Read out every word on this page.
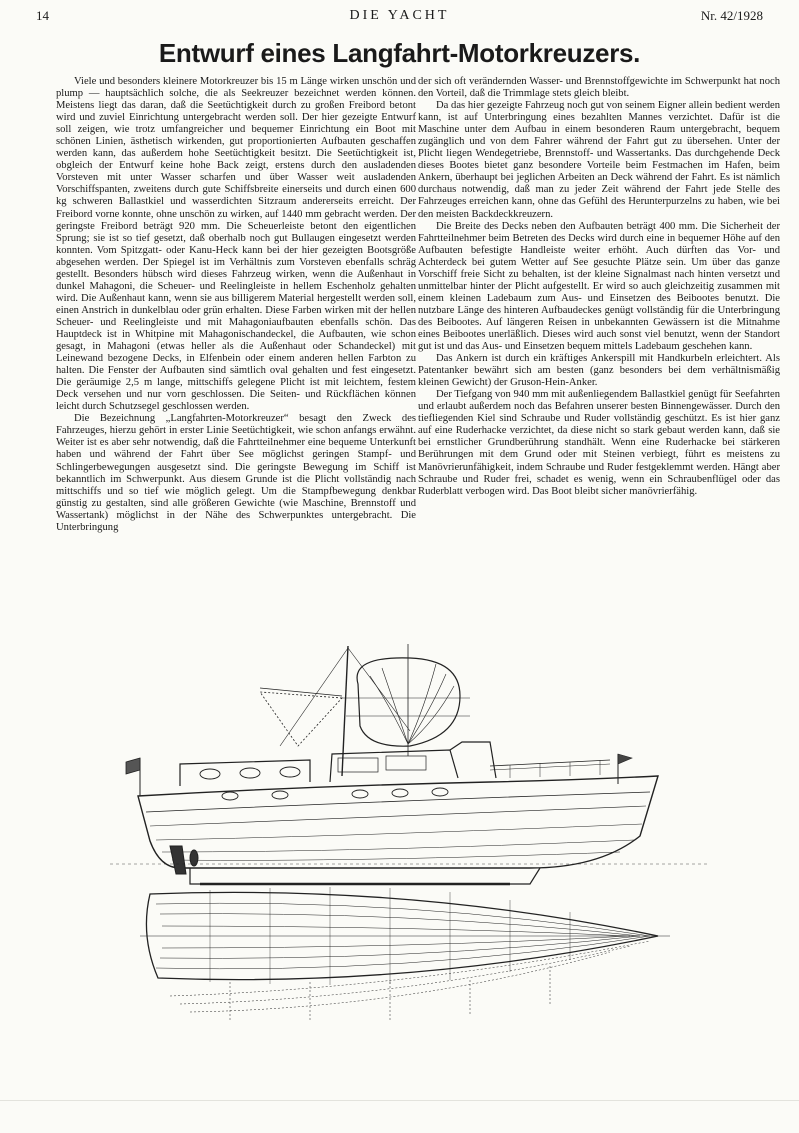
14	DIE YACHT	Nr. 42/1928
Entwurf eines Langfahrt-Motorkreuzers.

Viele und besonders kleinere Motorkreuzer bis 15 m Länge wirken unschön und plump — hauptsächlich solche, die als Seekreuzer bezeichnet werden können. Meistens liegt das daran, daß die Seetüchtigkeit durch zu großen Freibord betont wird und zuviel Einrichtung untergebracht werden soll. Der hier gezeigte Entwurf soll zeigen, wie trotz umfangreicher und bequemer Einrichtung ein Boot mit schönen Linien, ästhetisch wirkenden, gut proportionierten Aufbauten geschaffen werden kann, das außerdem hohe Seetüchtigkeit besitzt. Die Seetüchtigkeit ist, obgleich der Entwurf keine hohe Back zeigt, erstens durch den ausladenden Vorsteven mit unter Wasser scharfen und über Wasser weit ausladenden Vorschiffspanten, zweitens durch gute Schiffsbreite einerseits und durch einen 600 kg schweren Ballastkiel und wasserdichten Sitzraum andererseits erreicht. Der Freibord vorne konnte, ohne unschön zu wirken, auf 1440 mm gebracht werden. Der geringste Freibord beträgt 920 mm. Die Scheuerleiste betont den eigentlichen Sprung; sie ist so tief gesetzt, daß oberhalb noch gut Bullaugen eingesetzt werden konnten. Vom Spitzgatt- oder Kanu-Heck kann bei der hier gezeigten Bootsgröße abgesehen werden. Der Spiegel ist im Verhältnis zum Vorsteven ebenfalls schräg gestellt. Besonders hübsch wird dieses Fahrzeug wirken, wenn die Außenhaut in dunkel Mahagoni, die Scheuer- und Reelingleiste in hellem Eschenholz gehalten wird. Die Außenhaut kann, wenn sie aus billigerem Material hergestellt werden soll, einen Anstrich in dunkelblau oder grün erhalten. Diese Farben wirken mit der hellen Scheuer- und Reelingleiste und mit Mahagoniaufbauten ebenfalls schön. Das Hauptdeck ist in Whitpine mit Mahagonischandeckel, die Aufbauten, wie schon gesagt, in Mahagoni (etwas heller als die Außenhaut oder Schandeckel) mit Leinewand bezogene Decks, in Elfenbein oder einem anderen hellen Farbton zu halten. Die Fenster der Aufbauten sind sämtlich oval gehalten und fest eingesetzt. Die geräumige 2,5 m lange, mittschiffs gelegene Plicht ist mit leichtem, festem Deck versehen und nur vorn geschlossen. Die Seiten- und Rückflächen können leicht durch Schutzsegel geschlossen werden.

Die Bezeichnung „Langfahrten-Motorkreuzer“ besagt den Zweck des Fahrzeuges, hierzu gehört in erster Linie Seetüchtigkeit, wie schon anfangs erwähnt. Weiter ist es aber sehr notwendig, daß die Fahrtteilnehmer eine bequeme Unterkunft haben und während der Fahrt über See möglichst geringen Stampf- und Schlingerbewegungen ausgesetzt sind. Die geringste Bewegung im Schiff ist bekanntlich im Schwerpunkt. Aus diesem Grunde ist die Plicht vollständig nach mittschiffs und so tief wie möglich gelegt. Um die Stampfbewegung denkbar günstig zu gestalten, sind alle größeren Gewichte (wie Maschine, Brennstoff und Wassertank) möglichst in der Nähe des Schwerpunktes untergebracht. Die Unterbringung

der sich oft verändernden Wasser- und Brennstoffgewichte im Schwerpunkt hat noch den Vorteil, daß die Trimmlage stets gleich bleibt.

Da das hier gezeigte Fahrzeug noch gut von seinem Eigner allein bedient werden kann, ist auf Unterbringung eines bezahlten Mannes verzichtet. Dafür ist die Maschine unter dem Aufbau in einem besonderen Raum untergebracht, bequem zugänglich und von dem Fahrer während der Fahrt gut zu übersehen. Unter der Plicht liegen Wendegetriebe, Brennstoff- und Wassertanks. Das durchgehende Deck dieses Bootes bietet ganz besondere Vorteile beim Festmachen im Hafen, beim Ankern, überhaupt bei jeglichen Arbeiten an Deck während der Fahrt. Es ist nämlich durchaus notwendig, daß man zu jeder Zeit während der Fahrt jede Stelle des Fahrzeuges erreichen kann, ohne das Gefühl des Herunterpurzelns zu haben, wie bei den meisten Backdeckkreuzern.

Die Breite des Decks neben den Aufbauten beträgt 400 mm. Die Sicherheit der Fahrtteilnehmer beim Betreten des Decks wird durch eine in bequemer Höhe auf den Aufbauten befestigte Handleiste weiter erhöht. Auch dürften das Vor- und Achterdeck bei gutem Wetter auf See gesuchte Plätze sein. Um über das ganze Vorschiff freie Sicht zu behalten, ist der kleine Signalmast nach hinten versetzt und unmittelbar hinter der Plicht aufgestellt. Er wird so auch gleichzeitig zusammen mit einem kleinen Ladebaum zum Aus- und Einsetzen des Beibootes benutzt. Die nutzbare Länge des hinteren Aufbaudeckes genügt vollständig für die Unterbringung des Beibootes. Auf längeren Reisen in unbekannten Gewässern ist die Mitnahme eines Beibootes unerläßlich. Dieses wird auch sonst viel benutzt, wenn der Standort gut ist und das Aus- und Einsetzen bequem mittels Ladebaum geschehen kann.

Das Ankern ist durch ein kräftiges Ankerspill mit Handkurbeln erleichtert. Als Patentanker bewährt sich am besten (ganz besonders bei dem verhältnismäßig kleinen Gewicht) der Gruson-Hein-Anker.

Der Tiefgang von 940 mm mit außenliegendem Ballastkiel genügt für Seefahrten und erlaubt außerdem noch das Befahren unserer besten Binnengewässer. Durch den tiefliegenden Kiel sind Schraube und Ruder vollständig geschützt. Es ist hier ganz auf eine Ruderhacke verzichtet, da diese nicht so stark gebaut werden kann, daß sie bei ernstlicher Grundberührung standhält. Wenn eine Ruderhacke bei stärkeren Berührungen mit dem Grund oder mit Steinen verbiegt, führt es meistens zu Manövrierunfähigkeit, indem Schraube und Ruder festgeklemmt werden. Hängt aber Schraube und Ruder frei, schadet es wenig, wenn ein Schraubenflügel oder das Ruderblatt verbogen wird. Das Boot bleibt sicher manövrierfähig.
